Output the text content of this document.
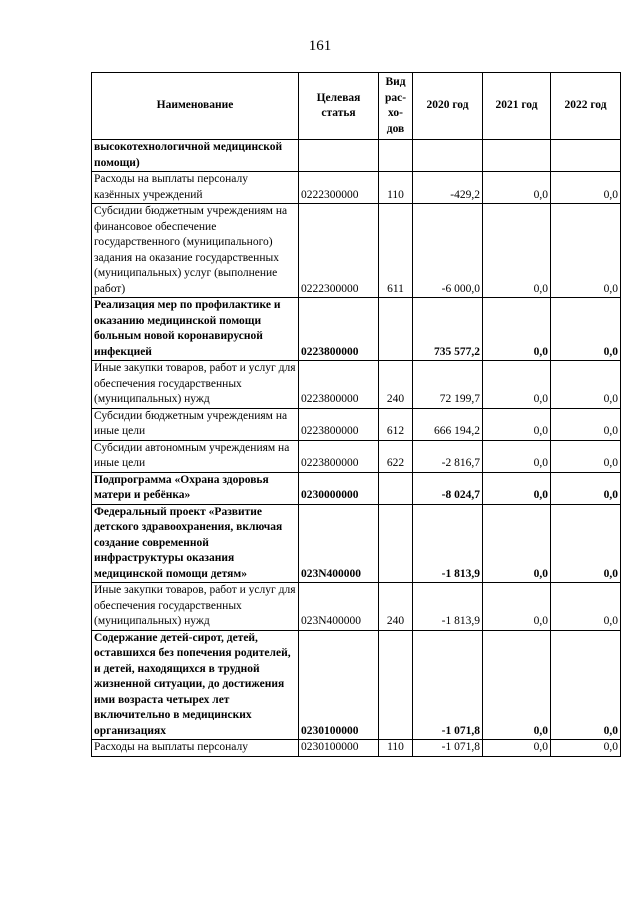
161
Наименование	Целевая статья	Вид рас-хо-дов	2020 год	2021 год	2022 год
высокотехнологичной медицинской помощи)					
Расходы на выплаты персоналу казённых учреждений	0222300000	110	-429,2	0,0	0,0
Субсидии бюджетным учреждениям на финансовое обеспечение государственного (муниципального) задания на оказание государственных (муниципальных) услуг (выполнение работ)	0222300000	611	-6 000,0	0,0	0,0
Реализация мер по профилактике и оказанию медицинской помощи больным новой коронавирусной инфекцией	0223800000		735 577,2	0,0	0,0
Иные закупки товаров, работ и услуг для обеспечения государственных (муниципальных) нужд	0223800000	240	72 199,7	0,0	0,0
Субсидии бюджетным учреждениям на иные цели	0223800000	612	666 194,2	0,0	0,0
Субсидии автономным учреждениям на иные цели	0223800000	622	-2 816,7	0,0	0,0
Подпрограмма «Охрана здоровья матери и ребёнка»	0230000000		-8 024,7	0,0	0,0
Федеральный проект «Развитие детского здравоохранения, включая создание современной инфраструктуры оказания медицинской помощи детям»	023N400000		-1 813,9	0,0	0,0
Иные закупки товаров, работ и услуг для обеспечения государственных (муниципальных) нужд	023N400000	240	-1 813,9	0,0	0,0
Содержание детей-сирот, детей, оставшихся без попечения родителей, и детей, находящихся в трудной жизненной ситуации, до достижения ими возраста четырех лет включительно в медицинских организациях	0230100000		-1 071,8	0,0	0,0
Расходы на выплаты персоналу	0230100000	110	-1 071,8	0,0	0,0
